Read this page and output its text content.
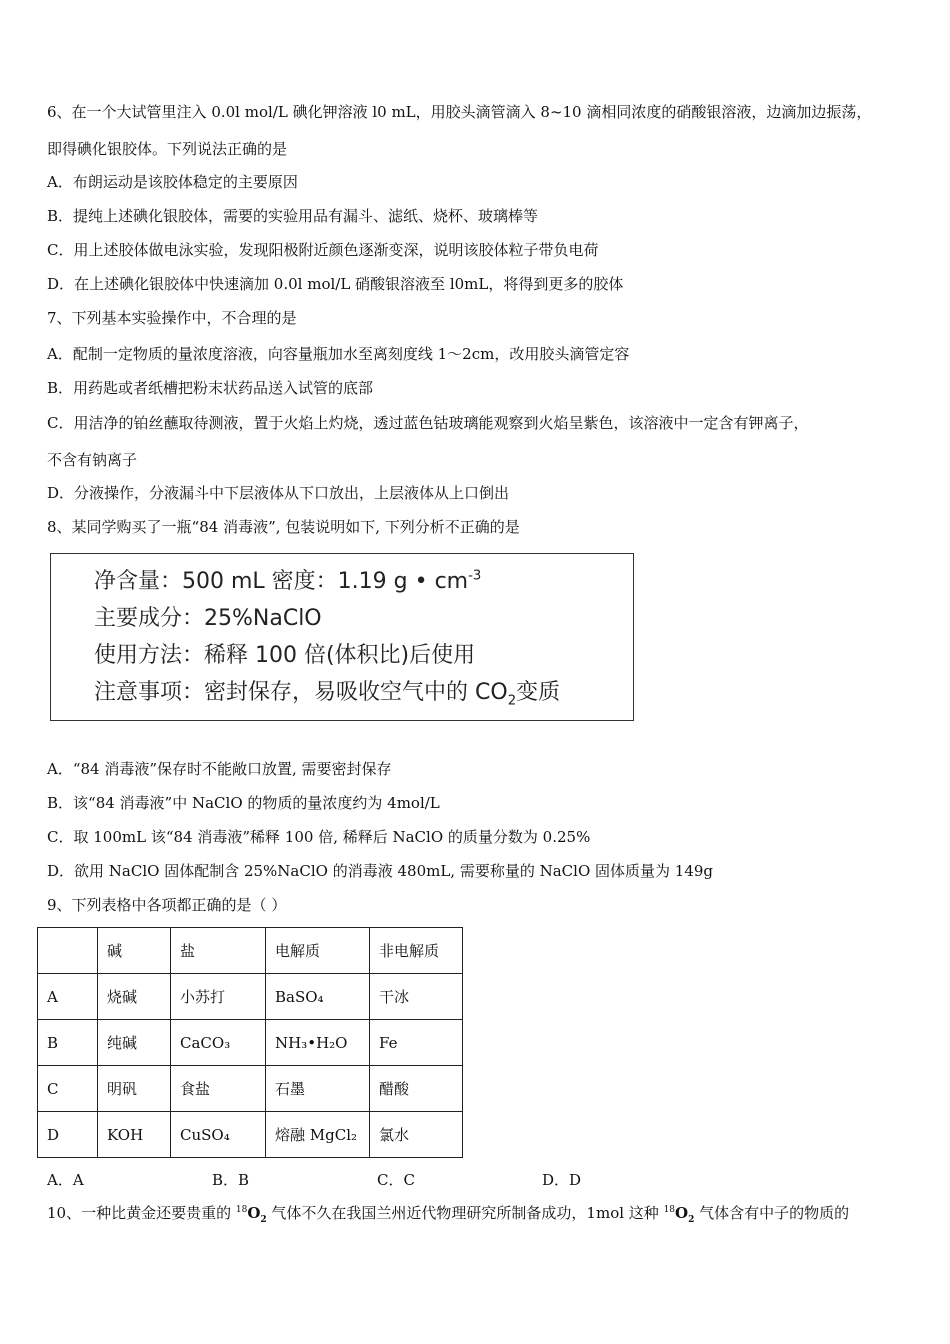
6、在一个大试管里注入 0.0l mol/L 碘化钾溶液 l0 mL，用胶头滴管滴入 8~10 滴相同浓度的硝酸银溶液，边滴加边振荡，
即得碘化银胶体。下列说法正确的是
A．布朗运动是该胶体稳定的主要原因
B．提纯上述碘化银胶体，需要的实验用品有漏斗、滤纸、烧杯、玻璃棒等
C．用上述胶体做电泳实验，发现阳极附近颜色逐渐变深，说明该胶体粒子带负电荷
D．在上述碘化银胶体中快速滴加 0.0l mol/L 硝酸银溶液至 l0mL，将得到更多的胶体
7、下列基本实验操作中，不合理的是
A．配制一定物质的量浓度溶液，向容量瓶加水至离刻度线 1～2cm，改用胶头滴管定容
B．用药匙或者纸槽把粉末状药品送入试管的底部
C．用洁净的铂丝蘸取待测液，置于火焰上灼烧，透过蓝色钴玻璃能观察到火焰呈紫色，该溶液中一定含有钾离子，
不含有钠离子
D．分液操作，分液漏斗中下层液体从下口放出，上层液体从上口倒出
8、某同学购买了一瓶“84 消毒液”, 包装说明如下, 下列分析不正确的是
净含量：500 mL 密度：1.19 g • $cm^{-3}$
主要成分：25%NaClO
使用方法：稀释 100 倍(体积比)后使用
注意事项：密封保存，易吸收空气中的 $CO_2$变质
A．“84 消毒液”保存时不能敞口放置, 需要密封保存
B．该“84 消毒液”中 NaClO 的物质的量浓度约为 4mol/L
C．取 100mL 该“84 消毒液”稀释 100 倍, 稀释后 NaClO 的质量分数为 0.25%
D．欲用 NaClO 固体配制含 25%NaClO 的消毒液 480mL, 需要称量的 NaClO 固体质量为 149g
9、下列表格中各项都正确的是（ ）
	碱	盐	电解质	非电解质
A	烧碱	小苏打	BaSO₄	干冰
B	纯碱	CaCO₃	NH₃•H₂O	Fe
C	明矾	食盐	石墨	醋酸
D	KOH	CuSO₄	熔融 MgCl₂	氯水
A．A	B．B	C．C	D．D
10、一种比黄金还要贵重的 $^{18}O_2$ 气体不久在我国兰州近代物理研究所制备成功，1mol 这种 $^{18}O_2$ 气体含有中子的物质的
